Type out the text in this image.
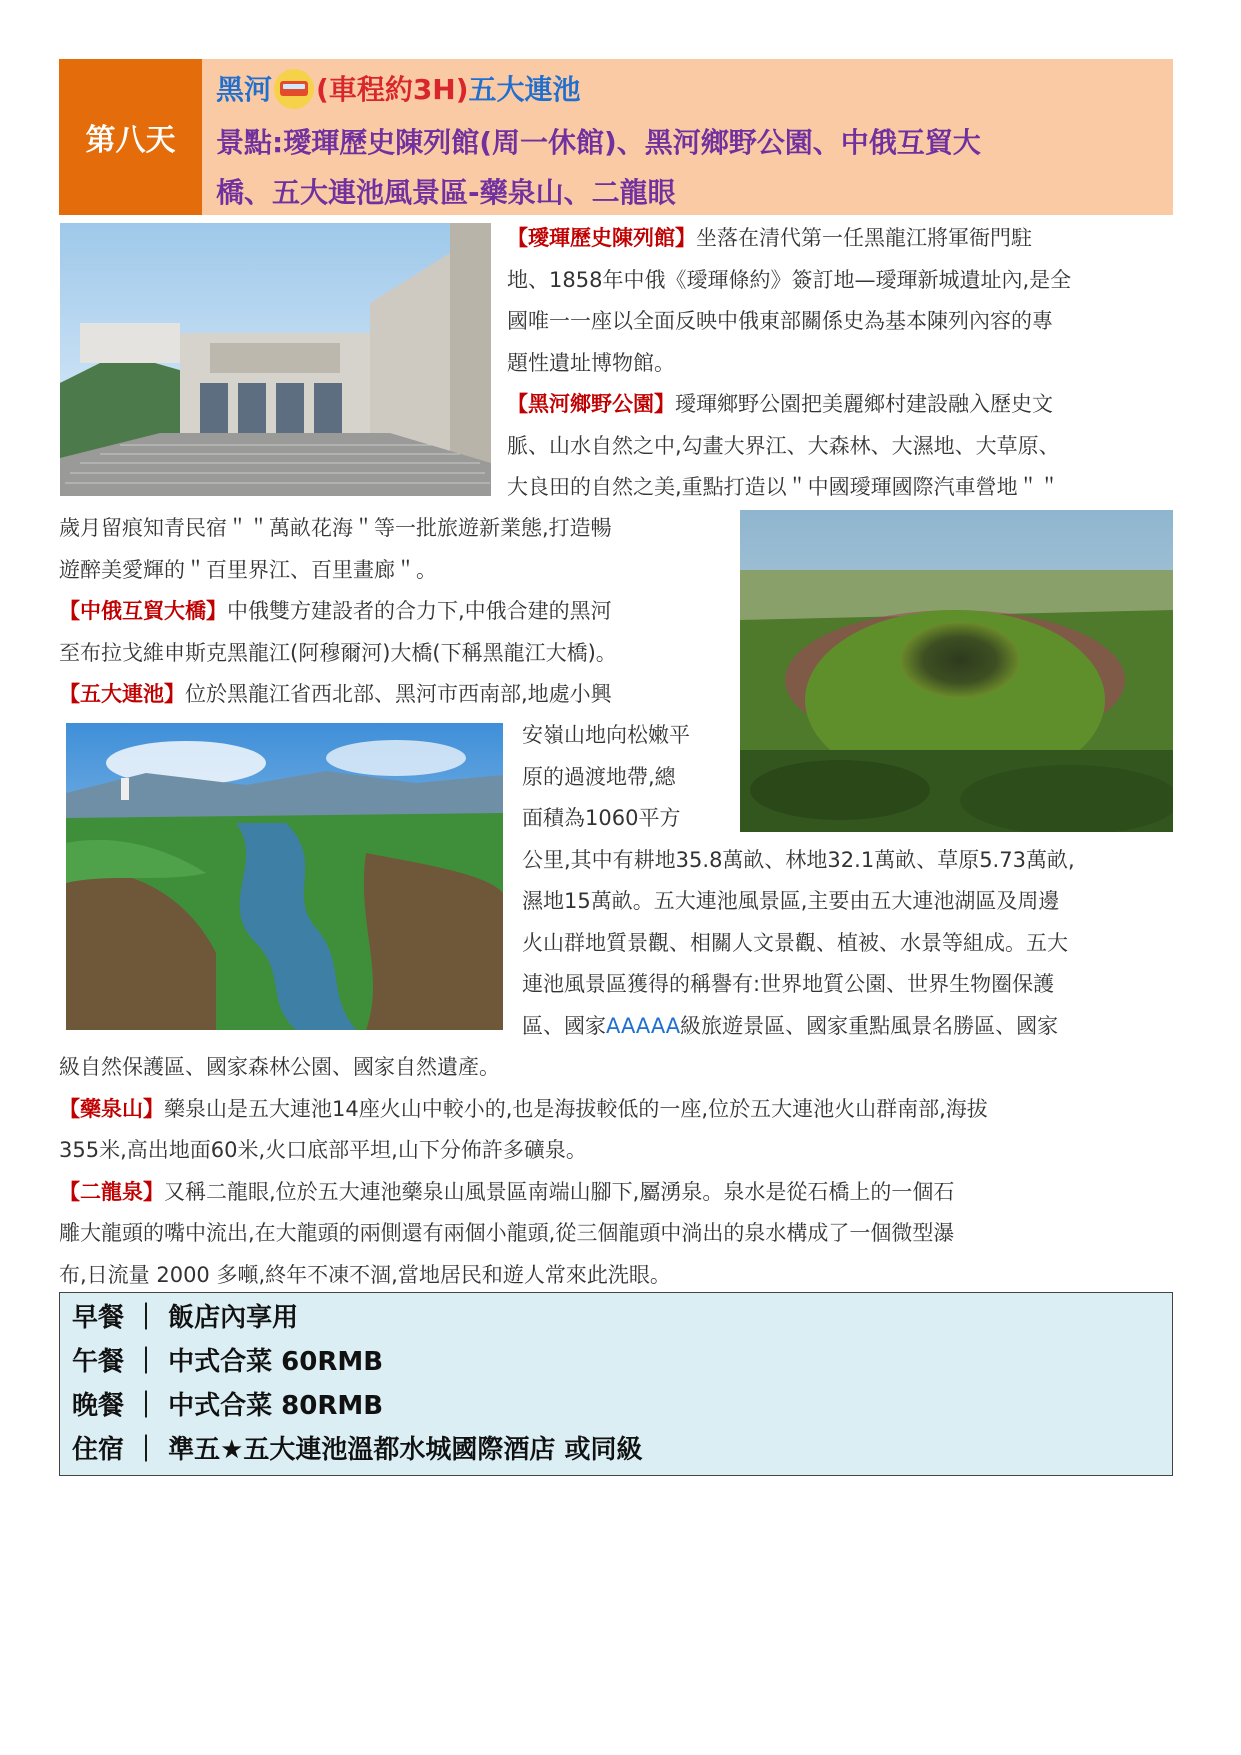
第八天
黑河 (車程約3H)五大連池
景點:璦琿歷史陳列館(周一休館)、黑河鄉野公園、中俄互貿大
橋、五大連池風景區-藥泉山、二龍眼
【璦琿歷史陳列館】坐落在清代第一任黑龍江將軍衙門駐
地、1858年中俄《璦琿條約》簽訂地—璦琿新城遺址內,是全
國唯一一座以全面反映中俄東部關係史為基本陳列內容的專
題性遺址博物館。
【黑河鄉野公園】璦琿鄉野公園把美麗鄉村建設融入歷史文
脈、山水自然之中,勾畫大界江、大森林、大濕地、大草原、
大良田的自然之美,重點打造以＂中國璦琿國際汽車營地＂＂
歲月留痕知青民宿＂＂萬畝花海＂等一批旅遊新業態,打造暢
遊醉美愛輝的＂百里界江、百里畫廊＂。
【中俄互貿大橋】中俄雙方建設者的合力下,中俄合建的黑河
至布拉戈維申斯克黑龍江(阿穆爾河)大橋(下稱黑龍江大橋)。
【五大連池】位於黑龍江省西北部、黑河市西南部,地處小興
安嶺山地向松嫩平
原的過渡地帶,總
面積為1060平方
公里,其中有耕地35.8萬畝、林地32.1萬畝、草原5.73萬畝,
濕地15萬畝。五大連池風景區,主要由五大連池湖區及周邊
火山群地質景觀、相關人文景觀、植被、水景等組成。五大
連池風景區獲得的稱譽有:世界地質公園、世界生物圈保護
區、國家AAAAA級旅遊景區、國家重點風景名勝區、國家
級自然保護區、國家森林公園、國家自然遺產。
【藥泉山】藥泉山是五大連池14座火山中較小的,也是海拔較低的一座,位於五大連池火山群南部,海拔
355米,高出地面60米,火口底部平坦,山下分佈許多礦泉。
【二龍泉】又稱二龍眼,位於五大連池藥泉山風景區南端山腳下,屬湧泉。泉水是從石橋上的一個石
雕大龍頭的嘴中流出,在大龍頭的兩側還有兩個小龍頭,從三個龍頭中淌出的泉水構成了一個微型瀑
布,日流量 2000 多噸,終年不凍不涸,當地居民和遊人常來此洗眼。
早餐 ｜ 飯店內享用
午餐 ｜ 中式合菜 60RMB
晚餐 ｜ 中式合菜 80RMB
住宿 ｜ 準五★五大連池溫都水城國際酒店 或同級
